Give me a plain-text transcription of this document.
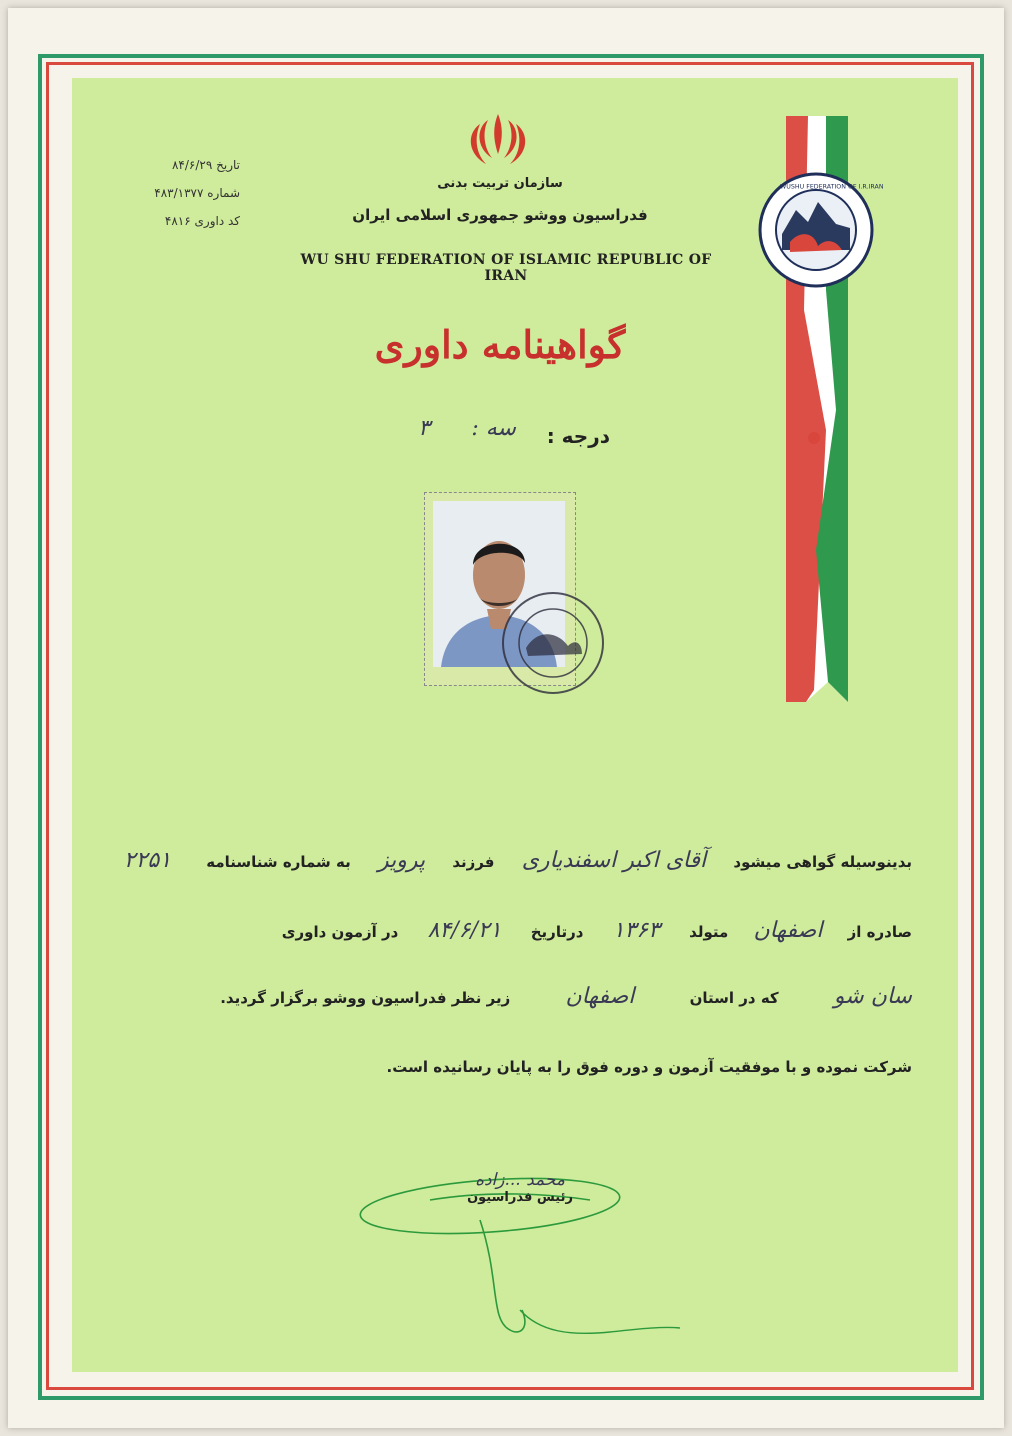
سازمان تربیت بدنی
فدراسیون ووشو جمهوری اسلامی ایران
WU SHU FEDERATION OF ISLAMIC REPUBLIC OF IRAN
۸۴/۶/۲۹ تاریخ
۴۸۳/۱۳۷۷ شماره
۴۸۱۶ کد داوری
گواهینامه داوری
درجه :
سه :
۳
WUSHU FEDERATION OF I.R.IRAN
بدینوسیله گواهی میشود آقای اکبر اسفندیاری فرزند پرویز به شماره شناسنامه ۲۲۵۱
صادره از اصفهان متولد ۱۳۶۳ درتاریخ ۸۴/۶/۲۱ در آزمون داوری
سان شو که در استان اصفهان زیر نظر فدراسیون ووشو برگزار گردید.
شرکت نموده و با موفقیت آزمون و دوره فوق را به پایان رسانیده است.
محمد ...زاده
رئیس فدراسیون
